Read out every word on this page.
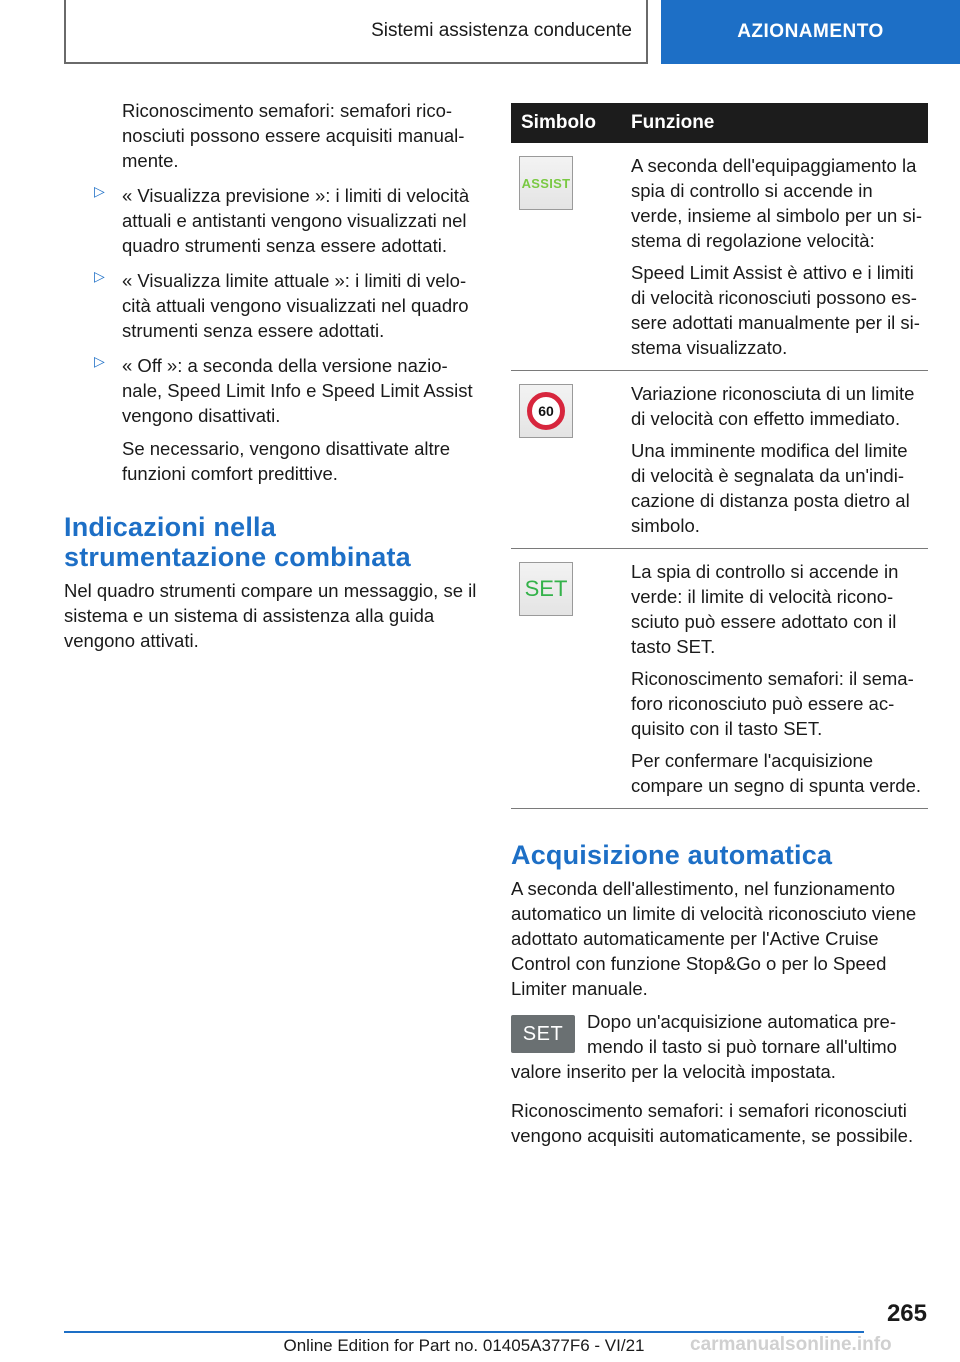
Sistemi assistenza conducente	AZIONAMENTO

Riconoscimento semafori: semafori riconosciuti possono essere acquisiti manualmente.

▷ « Visualizza previsione »: i limiti di velocità attuali e antistanti vengono visualizzati nel quadro strumenti senza essere adottati.

▷ « Visualizza limite attuale »: i limiti di velocità attuali vengono visualizzati nel quadro strumenti senza essere adottati.

▷ « Off »: a seconda della versione nazionale, Speed Limit Info e Speed Limit Assist vengono disattivati.

Se necessario, vengono disattivate altre funzioni comfort predittive.

Indicazioni nella strumentazione combinata

Nel quadro strumenti compare un messaggio, se il sistema e un sistema di assistenza alla guida vengono attivati.

Simbolo	Funzione

ASSIST	A seconda dell'equipaggiamento la spia di controllo si accende in verde, insieme al simbolo per un sistema di regolazione velocità:

Speed Limit Assist è attivo e i limiti di velocità riconosciuti possono essere adottati manualmente per il sistema visualizzato.

60	Variazione riconosciuta di un limite di velocità con effetto immediato.

Una imminente modifica del limite di velocità è segnalata da un'indicazione di distanza posta dietro al simbolo.

SET	La spia di controllo si accende in verde: il limite di velocità riconosciuto può essere adottato con il tasto SET.

Riconoscimento semafori: il semaforo riconosciuto può essere acquisito con il tasto SET.

Per confermare l'acquisizione compare un segno di spunta verde.

Acquisizione automatica

A seconda dell'allestimento, nel funzionamento automatico un limite di velocità riconosciuto viene adottato automaticamente per l'Active Cruise Control con funzione Stop&Go o per lo Speed Limiter manuale.

SET

Dopo un'acquisizione automatica premendo il tasto si può tornare all'ultimo valore inserito per la velocità impostata.

Riconoscimento semafori: i semafori riconosciuti vengono acquisiti automaticamente, se possibile.

265
Online Edition for Part no. 01405A377F6 - VI/21	carmanualsonline.info
